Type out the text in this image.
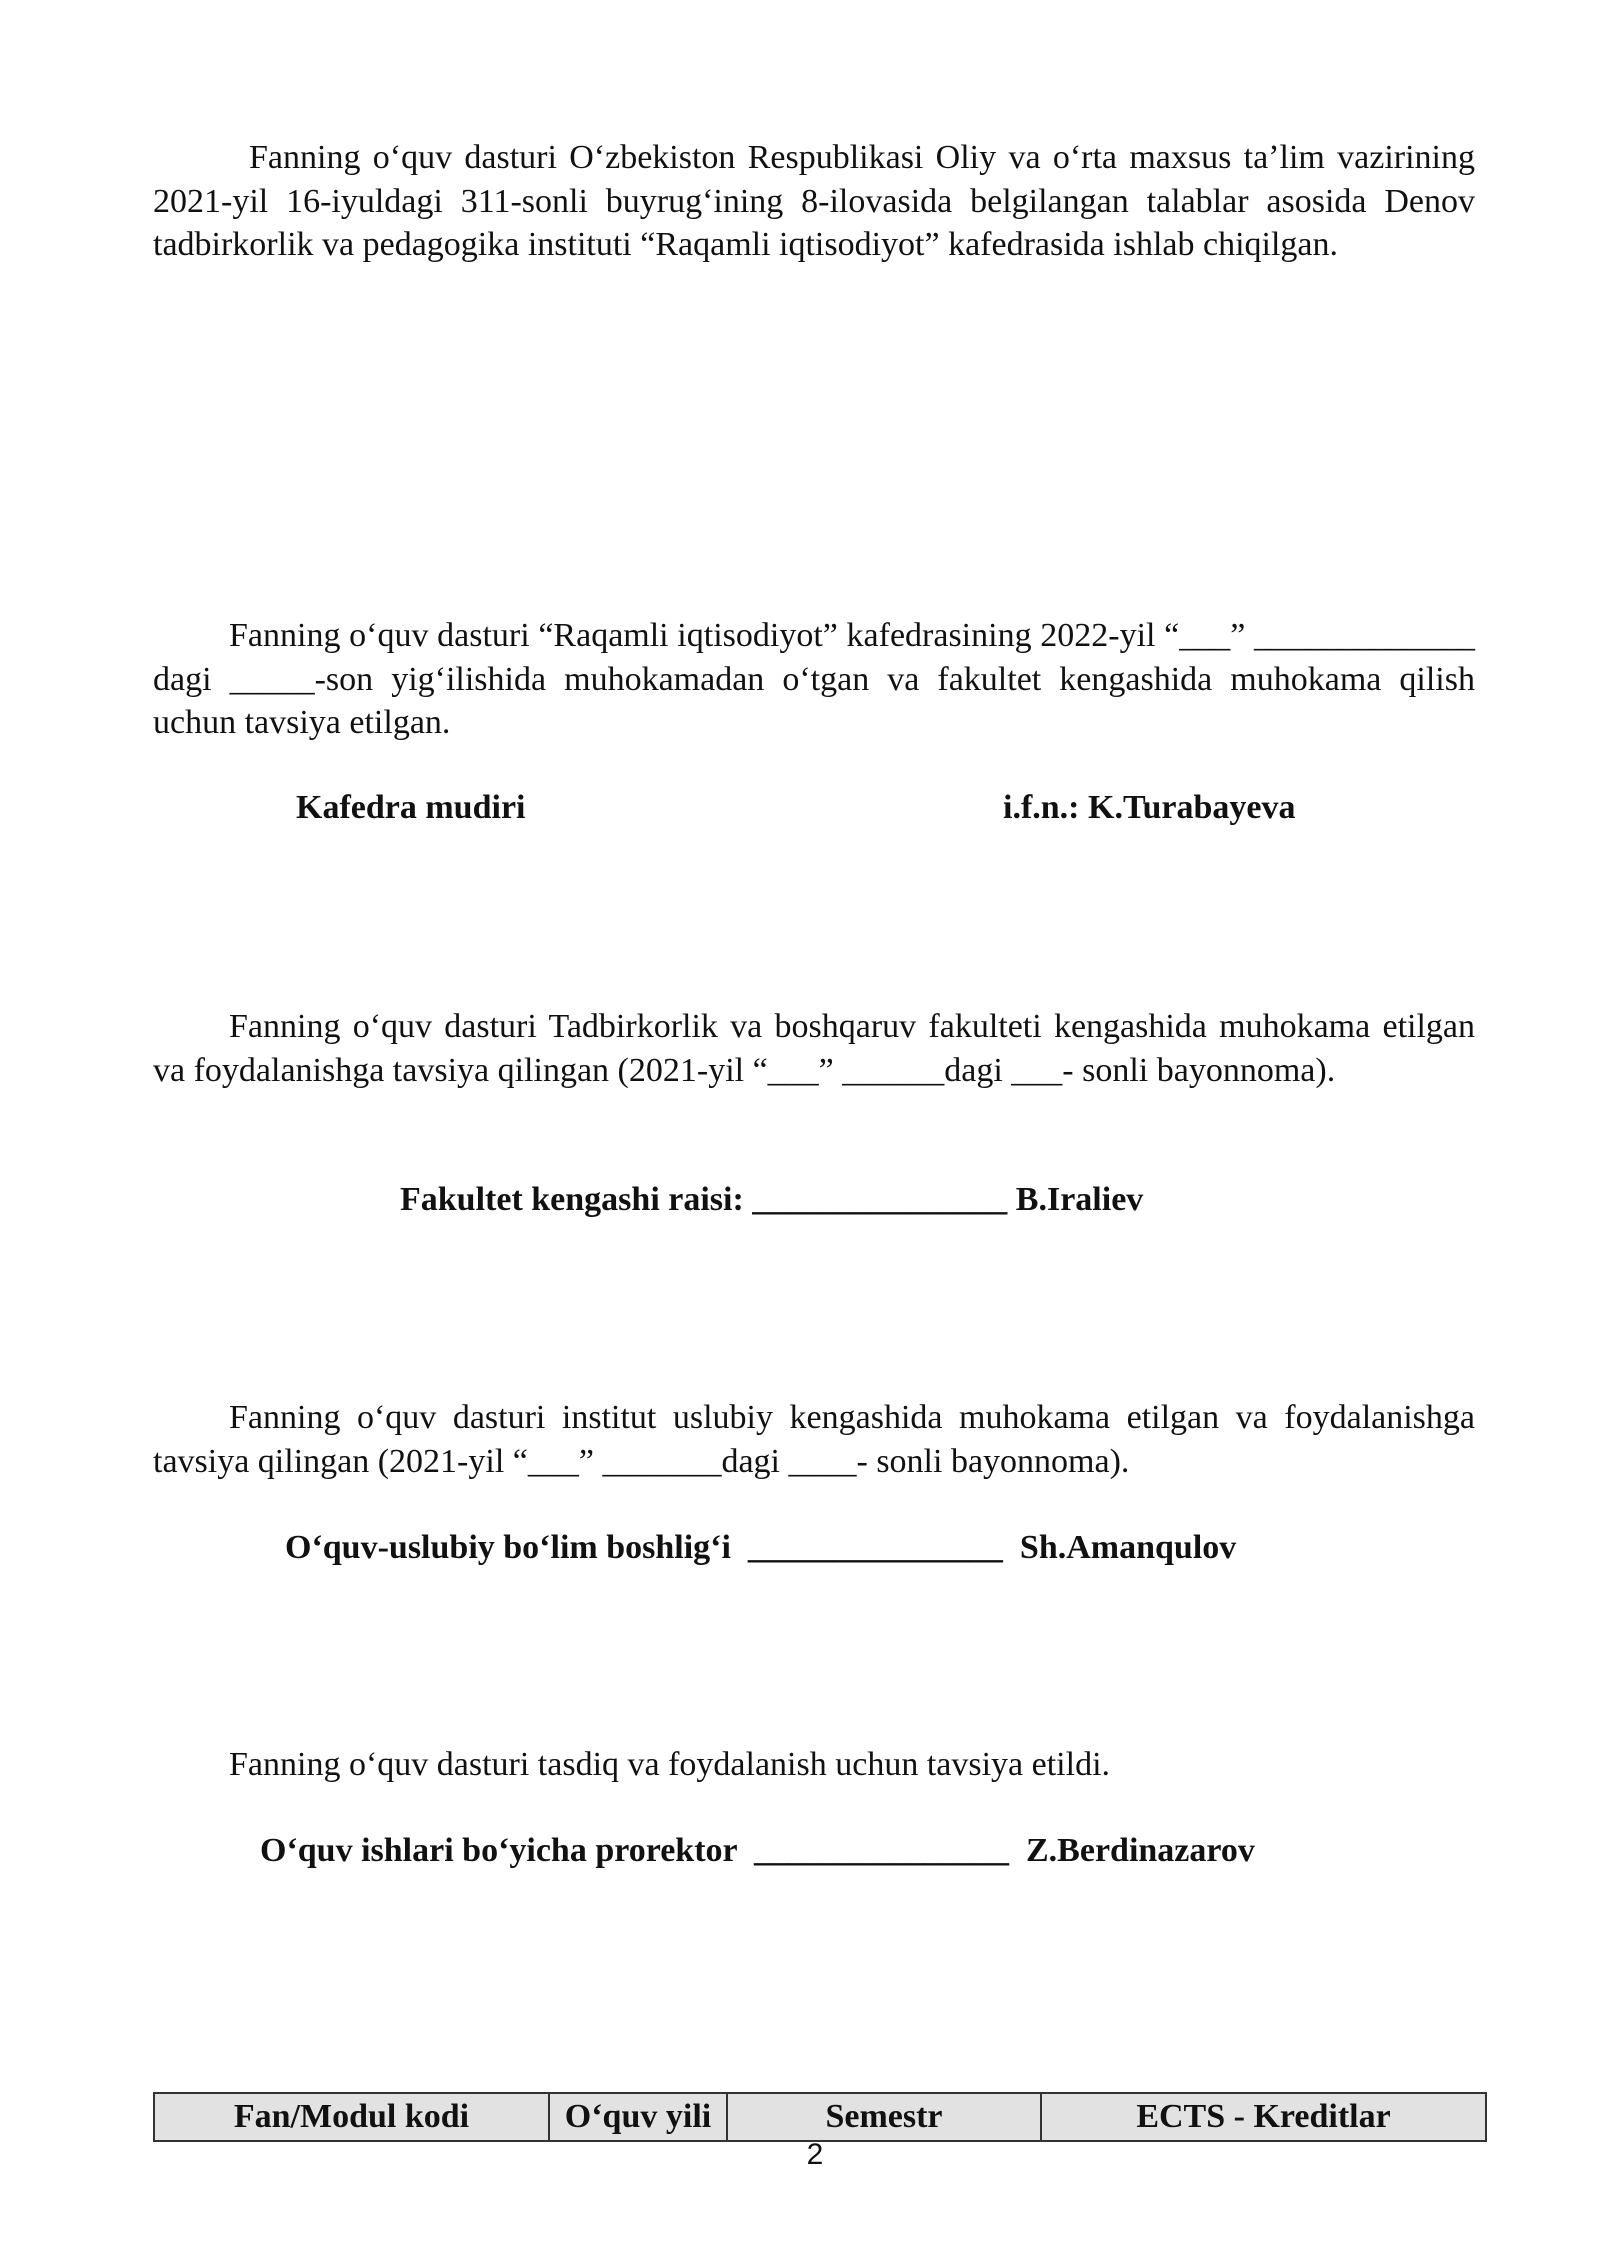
Fanning oʻquv dasturi Oʻzbekiston Respublikasi Oliy va oʻrta maxsus taʼlim vazirining 2021-yil 16-iyuldagi 311-sonli buyrugʻining 8-ilovasida belgilangan talablar asosida Denov tadbirkorlik va pedagogika instituti “Raqamli iqtisodiyot” kafedrasida ishlab chiqilgan.

Fanning oʻquv dasturi “Raqamli iqtisodiyot” kafedrasining 2022-yil “___” _____________ dagi _____-son yigʻilishida muhokamadan oʻtgan va fakultet kengashida muhokama qilish uchun tavsiya etilgan.

Kafedra mudiri	i.f.n.: K.Turabayeva

Fanning oʻquv dasturi Tadbirkorlik va boshqaruv fakulteti kengashida muhokama etilgan va foydalanishga tavsiya qilingan (2021-yil “___” ______dagi ___- sonli bayonnoma).

Fakultet kengashi raisi: _______________ B.Iraliev

Fanning oʻquv dasturi institut uslubiy kengashida muhokama etilgan va foydalanishga tavsiya qilingan (2021-yil “___” _______dagi ____- sonli bayonnoma).

Oʻquv-uslubiy boʻlim boshligʻi  _______________  Sh.Amanqulov

Fanning oʻquv dasturi tasdiq va foydalanish uchun tavsiya etildi.

Oʻquv ishlari boʻyicha prorektor  _______________  Z.Berdinazarov
Fan/Modul kodi	Oʻquv yili	Semestr	ECTS - Kreditlar
2
